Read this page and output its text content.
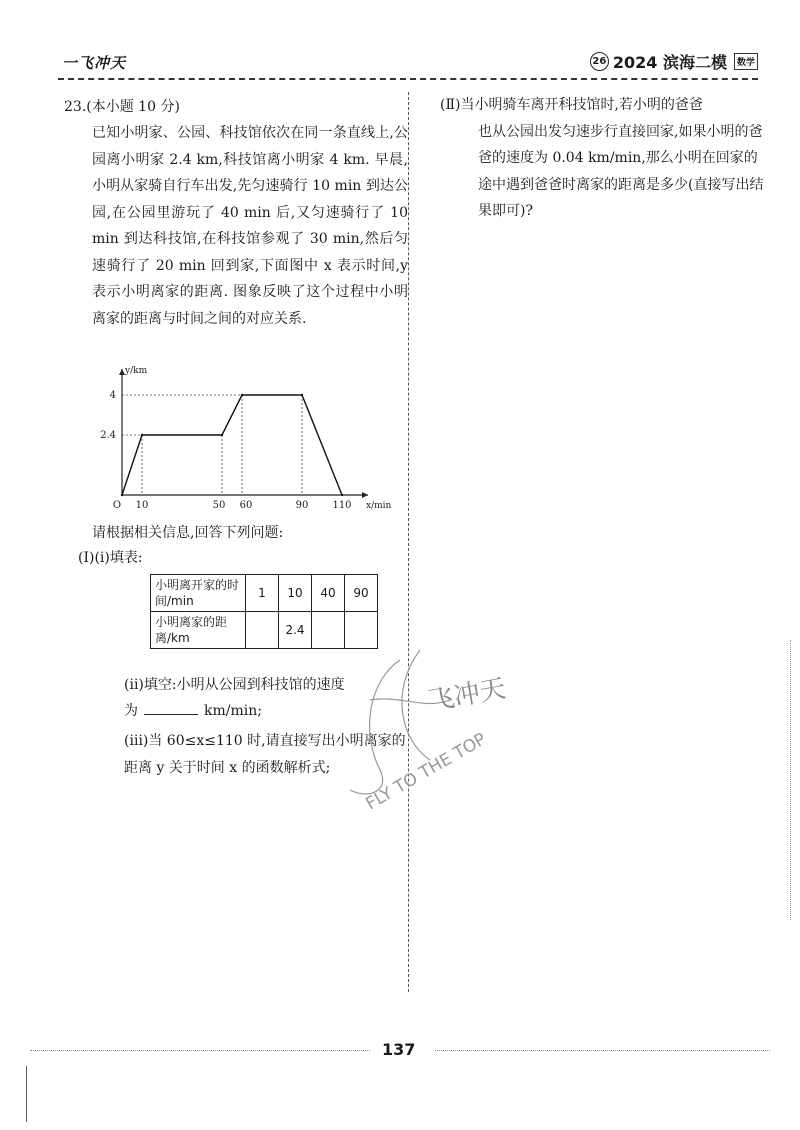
一飞冲天	26 2024 滨海二模	数学
23.(本小题 10 分)

已知小明家、公园、科技馆依次在同一条直线上,公园离小明家 2.4 km,科技馆离小明家 4 km. 早晨,小明从家骑自行车出发,先匀速骑行 10 min 到达公园,在公园里游玩了 40 min 后,又匀速骑行了 10 min 到达科技馆,在科技馆参观了 30 min,然后匀速骑行了 20 min 回到家,下面图中 x 表示时间,y 表示小明离家的距离. 图象反映了这个过程中小明离家的距离与时间之间的对应关系.

2.4
4
10	50 60	90 110
O
y/km
x/min
请根据相关信息,回答下列问题:
(Ⅰ)(ⅰ)填表:
小明离开家的时间/min	1	10	40	90
小明离家的距离/km		2.4		
(ⅱ)填空:小明从公园到科技馆的速度
为	km/min;

(ⅲ)当 60≤x≤110 时,请直接写出小明离家的距离 y 关于时间 x 的函数解析式;

(Ⅱ)当小明骑车离开科技馆时,若小明的爸爸
也从公园出发匀速步行直接回家,如果小明的爸爸的速度为 0.04 km/min,那么小明在回家的途中遇到爸爸时离家的距离是多少(直接写出结果即可)?

飞冲天
FLY TO THE TOP
137
